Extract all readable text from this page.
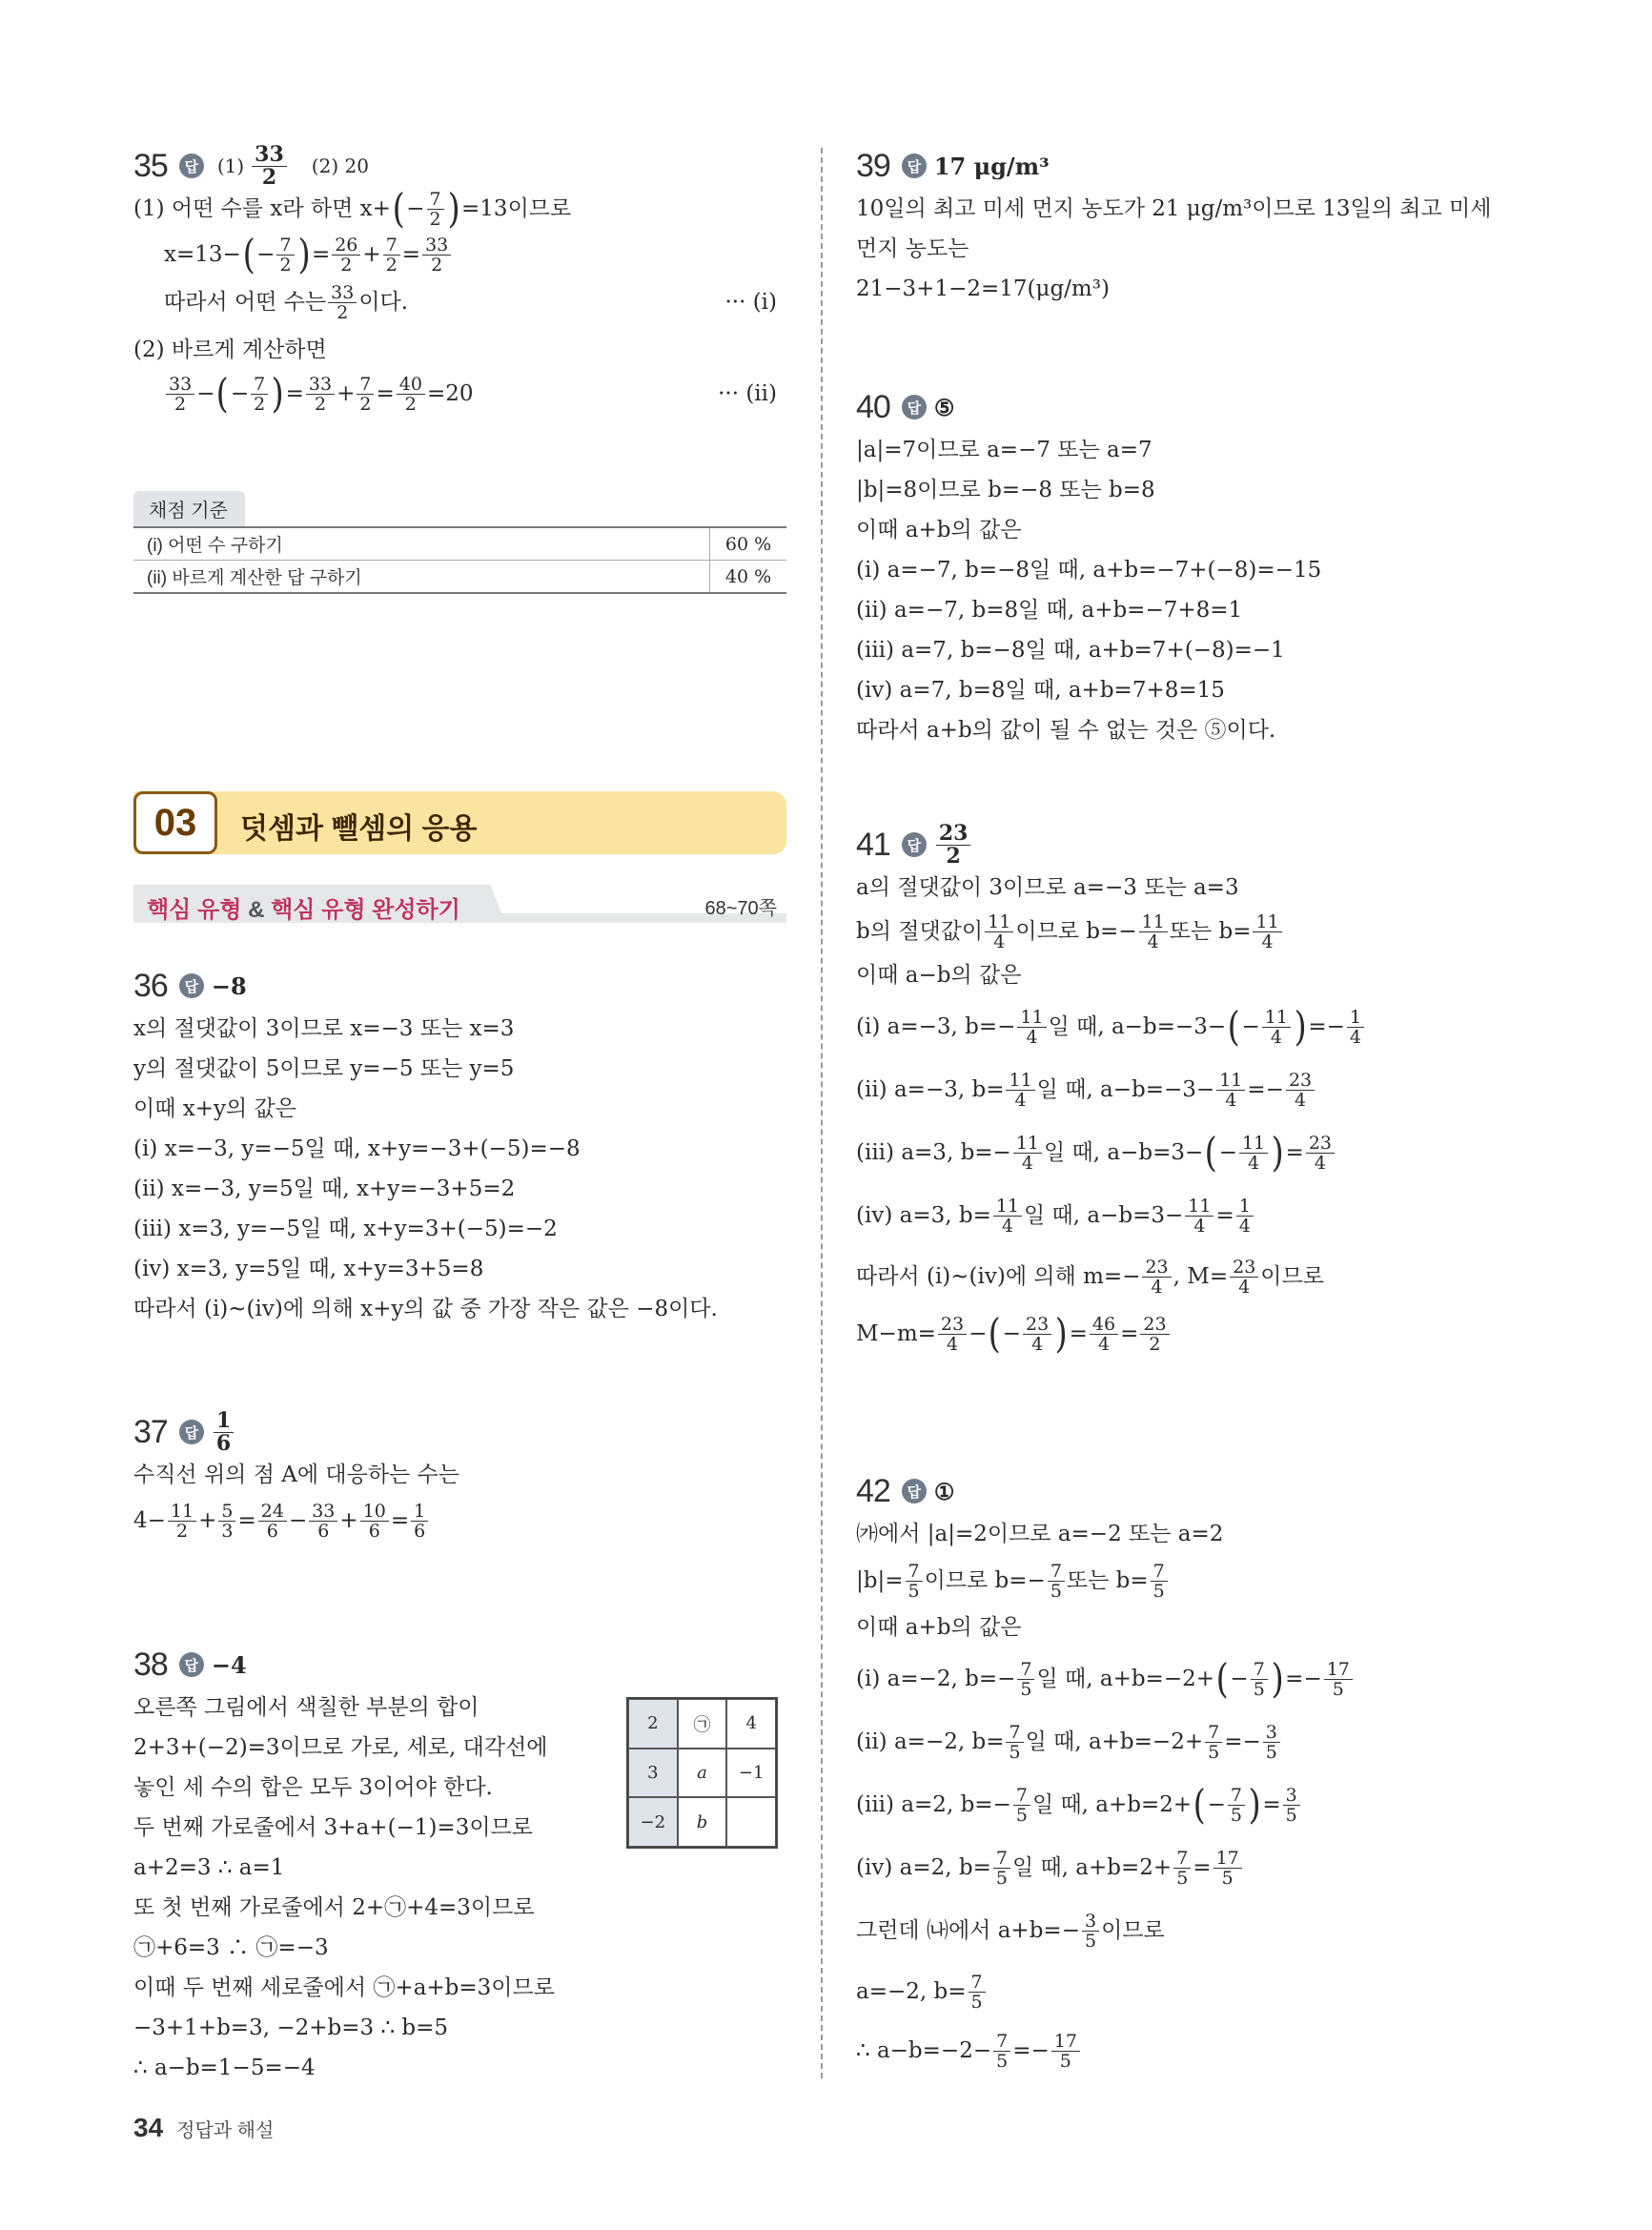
35	답 $(1) \frac{33}{2} (2)$ 20
(1) 어떤 수를 x라 하면 x+ ( − $\frac{7}{2}$ ) =13이므로
x=13− ( − $\frac{7}{2}$ ) = $\frac{26}{2} + \frac{7}{2} = \frac{33}{2}$
따라서 어떤 수는 $\frac{33}{2}$ 이다.	··· (i)
(2) 바르게 계산하면
$\frac{33}{2}$ − ( − $\frac{7}{2}$ ) = $\frac{33}{2} + \frac{7}{2} = \frac{40}{2} =20$	··· (ii)
채점 기준
(i) 어떤 수 구하기	60 %
(ii) 바르게 계산한 답 구하기	40 %
03	덧셈과 뺄셈의 응용
핵심 유형 & 핵심 유형 완성하기	68~70쪽
36	답 −8
x의 절댓값이 3이므로 x=−3 또는 x=3
y의 절댓값이 5이므로 y=−5 또는 y=5
이때 x+y의 값은
(i) x=−3, y=−5일 때, x+y=−3+(−5)=−8
(ii) x=−3, y=5일 때, x+y=−3+5=2
(iii) x=3, y=−5일 때, x+y=3+(−5)=−2
(iv) x=3, y=5일 때, x+y=3+5=8
따라서 (i)~(iv)에 의해 x+y의 값 중 가장 작은 값은 −8이다.
37	답 $\frac{1}{6}$
수직선 위의 점 A에 대응하는 수는
$4- \frac{11}{2} + \frac{5}{3} = \frac{24}{6} - \frac{33}{6} + \frac{10}{6} = \frac{1}{6}$
38	답 −4
오른쪽 그림에서 색칠한 부분의 합이
2+3+(−2)=3이므로 가로, 세로, 대각선에
놓인 세 수의 합은 모두 3이어야 한다.
두 번째 가로줄에서 3+a+(−1)=3이므로
a+2=3 ∴ a=1
또 첫 번째 가로줄에서 2+㉠+4=3이므로
㉠+6=3 ∴ ㉠=−3
이때 두 번째 세로줄에서 ㉠+a+b=3이므로
−3+1+b=3, −2+b=3 ∴ b=5
∴ a−b=1−5=−4
2	㉠	4
3	a	−1
−2	b
39	답 17 μg/m³
10일의 최고 미세 먼지 농도가 21 μg/m³이므로 13일의 최고 미세
먼지 농도는
21−3+1−2=17(μg/m³)
40	답 ⑤
|a|=7이므로 a=−7 또는 a=7
|b|=8이므로 b=−8 또는 b=8
이때 a+b의 값은
(i) a=−7, b=−8일 때, a+b=−7+(−8)=−15
(ii) a=−7, b=8일 때, a+b=−7+8=1
(iii) a=7, b=−8일 때, a+b=7+(−8)=−1
(iv) a=7, b=8일 때, a+b=7+8=15
따라서 a+b의 값이 될 수 없는 것은 ⑤이다.
41	답 $\frac{23}{2}$
a의 절댓값이 3이므로 a=−3 또는 a=3
b의 절댓값이 $\frac{11}{4}$ 이므로 $b=- \frac{11}{4}$ 또는 $b= \frac{11}{4}$
이때 a−b의 값은
(i) a=−3, $b=- \frac{11}{4}$ 일 때, a−b=−3− ( − $\frac{11}{4}$ ) =− $\frac{1}{4}$
(ii) a=−3, $b= \frac{11}{4}$ 일 때, $a-b=-3- \frac{11}{4} =- \frac{23}{4}$
(iii) a=3, $b=- \frac{11}{4}$ 일 때, a−b=3− ( − $\frac{11}{4}$ ) = $\frac{23}{4}$
(iv) a=3, $b= \frac{11}{4}$ 일 때, $a-b=3- \frac{11}{4} = \frac{1}{4}$
따라서 (i)~(iv)에 의해 $m=- \frac{23}{4}$ , $M= \frac{23}{4}$ 이므로
$M-m= \frac{23}{4}$ − ( − $\frac{23}{4}$ ) = $\frac{46}{4} = \frac{23}{2}$
42	답 ①
㈎에서 |a|=2이므로 a=−2 또는 a=2
$|b|= \frac{7}{5}$ 이므로 $b=- \frac{7}{5}$ 또는 $b= \frac{7}{5}$
이때 a+b의 값은
(i) a=−2, $b=- \frac{7}{5}$ 일 때, a+b=−2+ ( − $\frac{7}{5}$ ) =− $\frac{17}{5}$
(ii) a=−2, $b= \frac{7}{5}$ 일 때, $a+b=-2+ \frac{7}{5} =- \frac{3}{5}$
(iii) a=2, $b=- \frac{7}{5}$ 일 때, a+b=2+ ( − $\frac{7}{5}$ ) = $\frac{3}{5}$
(iv) a=2, $b= \frac{7}{5}$ 일 때, $a+b=2+ \frac{7}{5} = \frac{17}{5}$
그런데 ㈏에서 $a+b=- \frac{3}{5}$ 이므로
a=−2, $b= \frac{7}{5}$
∴ $a-b=-2- \frac{7}{5} =- \frac{17}{5}$
34 정답과 해설
